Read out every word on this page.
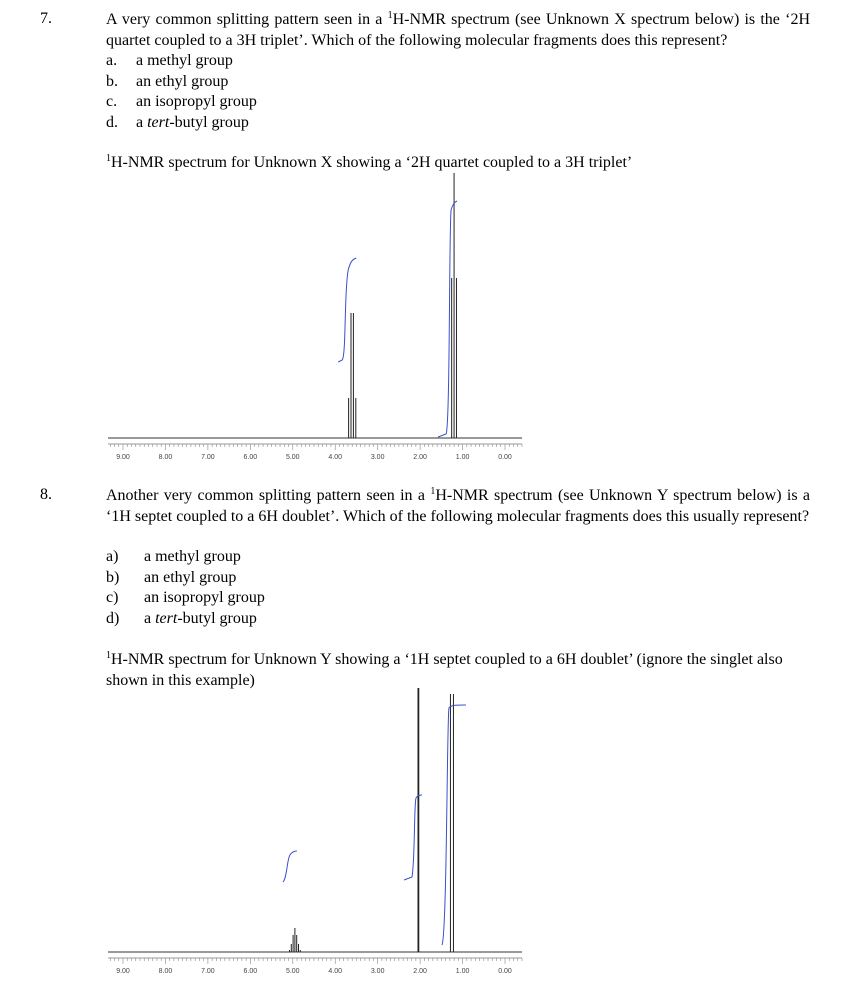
7.	A very common splitting pattern seen in a $^1$H-NMR spectrum (see Unknown X spectrum below) is the ‘2H quartet coupled to a 3H triplet’. Which of the following molecular fragments does this represent?
a.	a methyl group
b.	an ethyl group
c.	an isopropyl group
d.	a tert-butyl group
$^1$H-NMR spectrum for Unknown X showing a ‘2H quartet coupled to a 3H triplet’
8.	Another very common splitting pattern seen in a $^1$H-NMR spectrum (see Unknown Y spectrum below) is a ‘1H septet coupled to a 6H doublet’. Which of the following molecular fragments does this usually represent?
a)	a methyl group
b)	an ethyl group
c)	an isopropyl group
d)	a tert-butyl group
$^1$H-NMR spectrum for Unknown Y showing a ‘1H septet coupled to a 6H doublet’ (ignore the singlet also shown in this example)
9.00	8.00	7.00	6.00	5.00	4.00	3.00	2.00	1.00	0.00
9.00	8.00	7.00	6.00	5.00	4.00	3.00	2.00	1.00	0.00
